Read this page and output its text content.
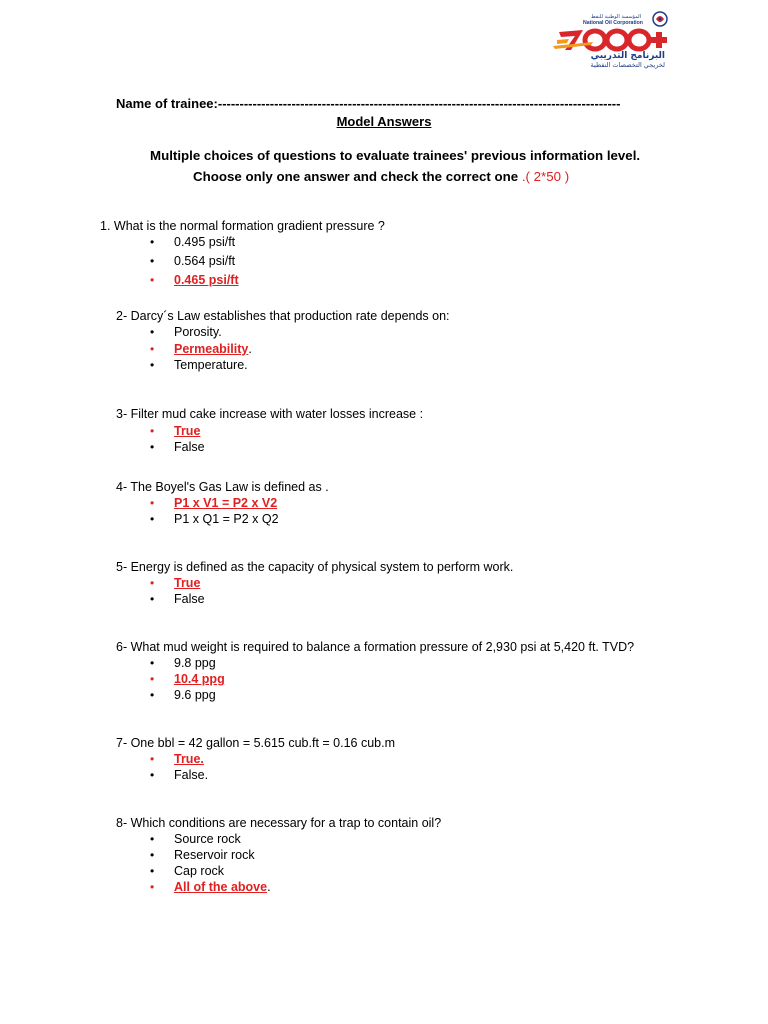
المؤسسة الوطنية للنفط
National Oil Corporation
البرنامج التدريبي
لخريجي التخصصات النفطية
Name of trainee:---------------------------------------------------------------------------------------------
Model Answers
Multiple choices of questions to evaluate trainees' previous information level.
Choose only one answer and check the correct one .( 2*50 )
1. What is the normal formation gradient pressure ?
• 0.495 psi/ft
• 0.564 psi/ft
• 0.465 psi/ft
2- Darcy´s Law establishes that production rate depends on:
• Porosity.
• Permeability.
• Temperature.
3- Filter mud cake increase with water losses increase :
• True
• False
4- The Boyel's Gas Law is defined as .
• P1 x V1 = P2 x V2
• P1 x Q1 = P2 x Q2
5- Energy is defined as the capacity of physical system to perform work.
• True
• False
6- What mud weight is required to balance a formation pressure of 2,930 psi at 5,420 ft. TVD?
• 9.8 ppg
• 10.4 ppg
• 9.6 ppg
7- One bbl = 42 gallon = 5.615 cub.ft = 0.16 cub.m
• True.
• False.
8- Which conditions are necessary for a trap to contain oil?
• Source rock
• Reservoir rock
• Cap rock
• All of the above.
